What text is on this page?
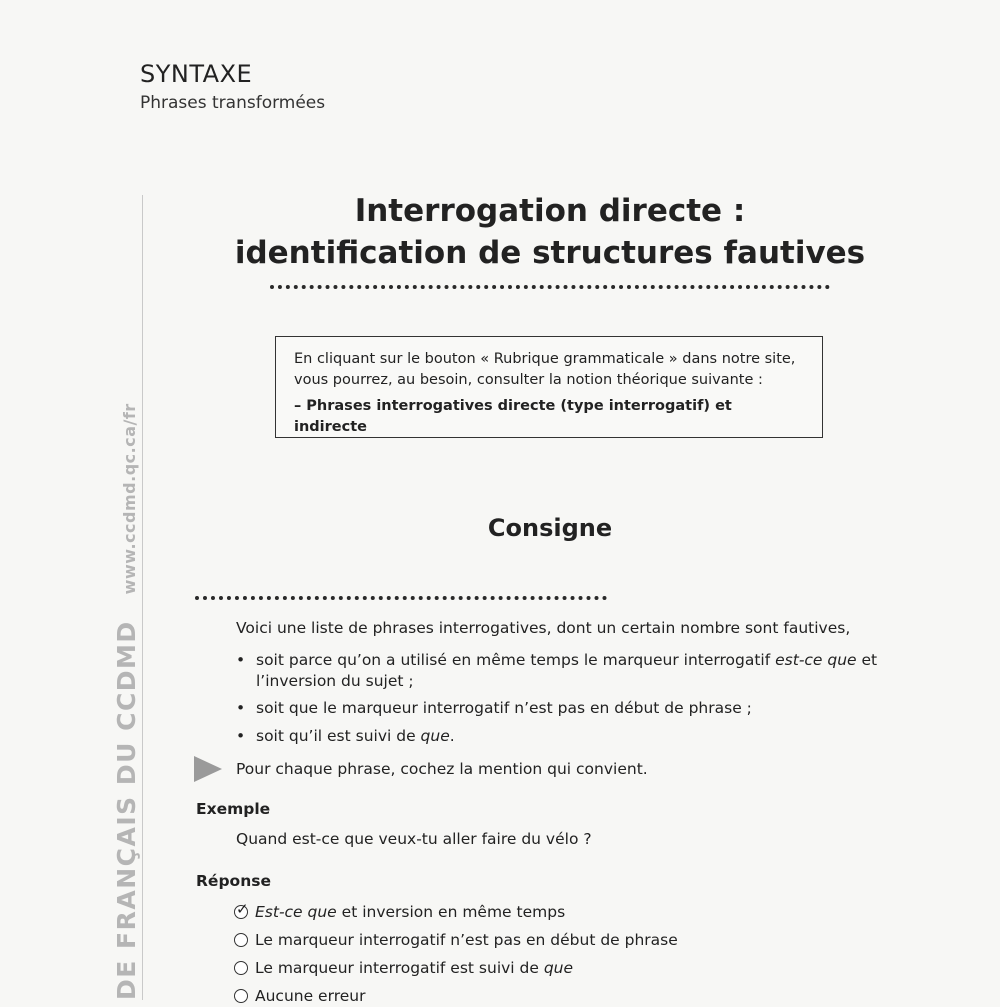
SYNTAXE
Phrases transformées
DE FRANÇAIS DU CCDMD
www.ccdmd.qc.ca/fr
Interrogation directe :
identification de structures fautives
En cliquant sur le bouton « Rubrique grammaticale » dans notre site,
vous pourrez, au besoin, consulter la notion théorique suivante :
– Phrases interrogatives directe (type interrogatif) et indirecte
Consigne
Voici une liste de phrases interrogatives, dont un certain nombre sont fautives,
• soit parce qu’on a utilisé en même temps le marqueur interrogatif est-ce que et
l’inversion du sujet ;
• soit que le marqueur interrogatif n’est pas en début de phrase ;
• soit qu’il est suivi de que.
Pour chaque phrase, cochez la mention qui convient.
Exemple
Quand est-ce que veux-tu aller faire du vélo ?
Réponse
✓ Est-ce que et inversion en même temps
Le marqueur interrogatif n’est pas en début de phrase
Le marqueur interrogatif est suivi de que
Aucune erreur
